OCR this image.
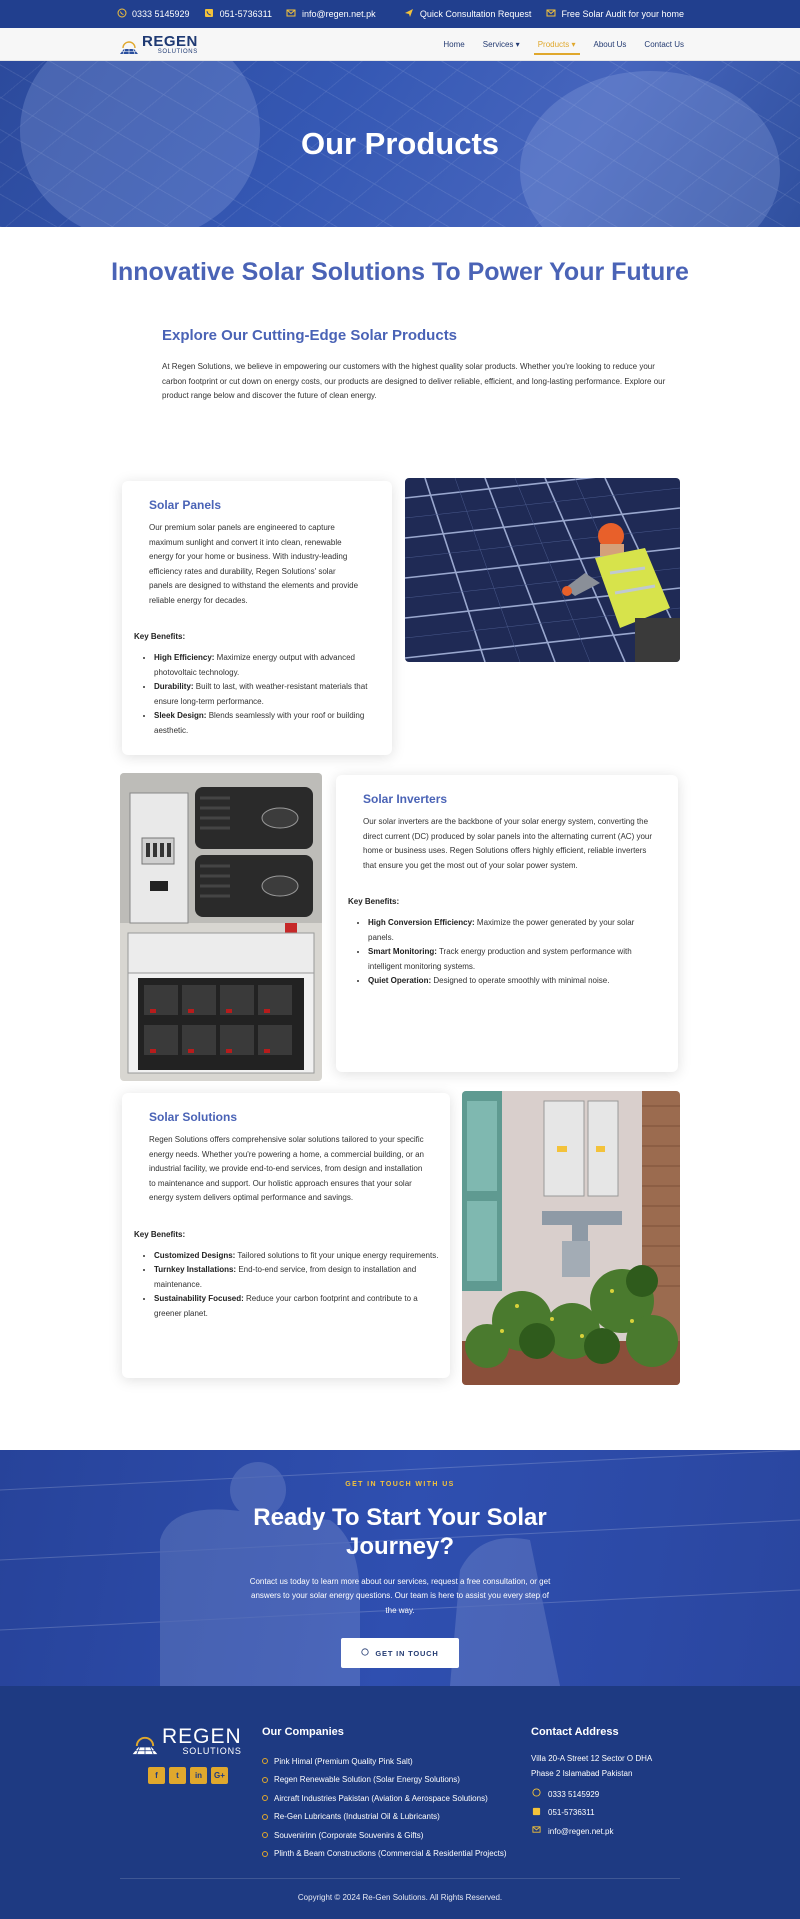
0333 5145929	051-5736311	info@regen.net.pk	Quick Consultation Request	Free Solar Audit for your home
REGEN
SOLUTIONS
Home Services ▾ Products ▾ About Us Contact Us
Our Products
Innovative Solar Solutions To Power Your Future
Explore Our Cutting-Edge Solar Products

At Regen Solutions, we believe in empowering our customers with the highest quality solar products. Whether you're looking to reduce your carbon footprint or cut down on energy costs, our products are designed to deliver reliable, efficient, and long-lasting performance. Explore our product range below and discover the future of clean energy.

Solar Panels

Our premium solar panels are engineered to capture maximum sunlight and convert it into clean, renewable energy for your home or business. With industry-leading efficiency rates and durability, Regen Solutions' solar panels are designed to withstand the elements and provide reliable energy for decades.

Key Benefits:

• High Efficiency: Maximize energy output with advanced photovoltaic technology.
• Durability: Built to last, with weather-resistant materials that ensure long-term performance.
• Sleek Design: Blends seamlessly with your roof or building aesthetic.
Solar Inverters

Our solar inverters are the backbone of your solar energy system, converting the direct current (DC) produced by solar panels into the alternating current (AC) your home or business uses. Regen Solutions offers highly efficient, reliable inverters that ensure you get the most out of your solar power system.

Key Benefits:

• High Conversion Efficiency: Maximize the power generated by your solar panels.
• Smart Monitoring: Track energy production and system performance with intelligent monitoring systems.
• Quiet Operation: Designed to operate smoothly with minimal noise.
Solar Solutions

Regen Solutions offers comprehensive solar solutions tailored to your specific energy needs. Whether you're powering a home, a commercial building, or an industrial facility, we provide end-to-end services, from design and installation to maintenance and support. Our holistic approach ensures that your solar energy system delivers optimal performance and savings.

Key Benefits:

• Customized Designs: Tailored solutions to fit your unique energy requirements.
• Turnkey Installations: End-to-end service, from design to installation and maintenance.
• Sustainability Focused: Reduce your carbon footprint and contribute to a greener planet.

GET IN TOUCH WITH US

Ready To Start Your Solar Journey?

Contact us today to learn more about our services, request a free consultation, or get answers to your solar energy questions. Our team is here to assist you every step of the way.

GET IN TOUCH
REGEN
SOLUTIONS
f	t	in	G+
Our Companies
Pink Himal (Premium Quality Pink Salt)
Regen Renewable Solution (Solar Energy Solutions)
Aircraft Industries Pakistan (Aviation & Aerospace Solutions)
Re-Gen Lubricants (Industrial Oil & Lubricants)
Souvenirinn (Corporate Souvenirs & Gifts)
Plinth & Beam Constructions (Commercial & Residential Projects)
Contact Address

Villa 20-A Street 12 Sector O DHA Phase 2 Islamabad Pakistan

0333 5145929
051-5736311
info@regen.net.pk

Copyright © 2024 Re-Gen Solutions. All Rights Reserved.
